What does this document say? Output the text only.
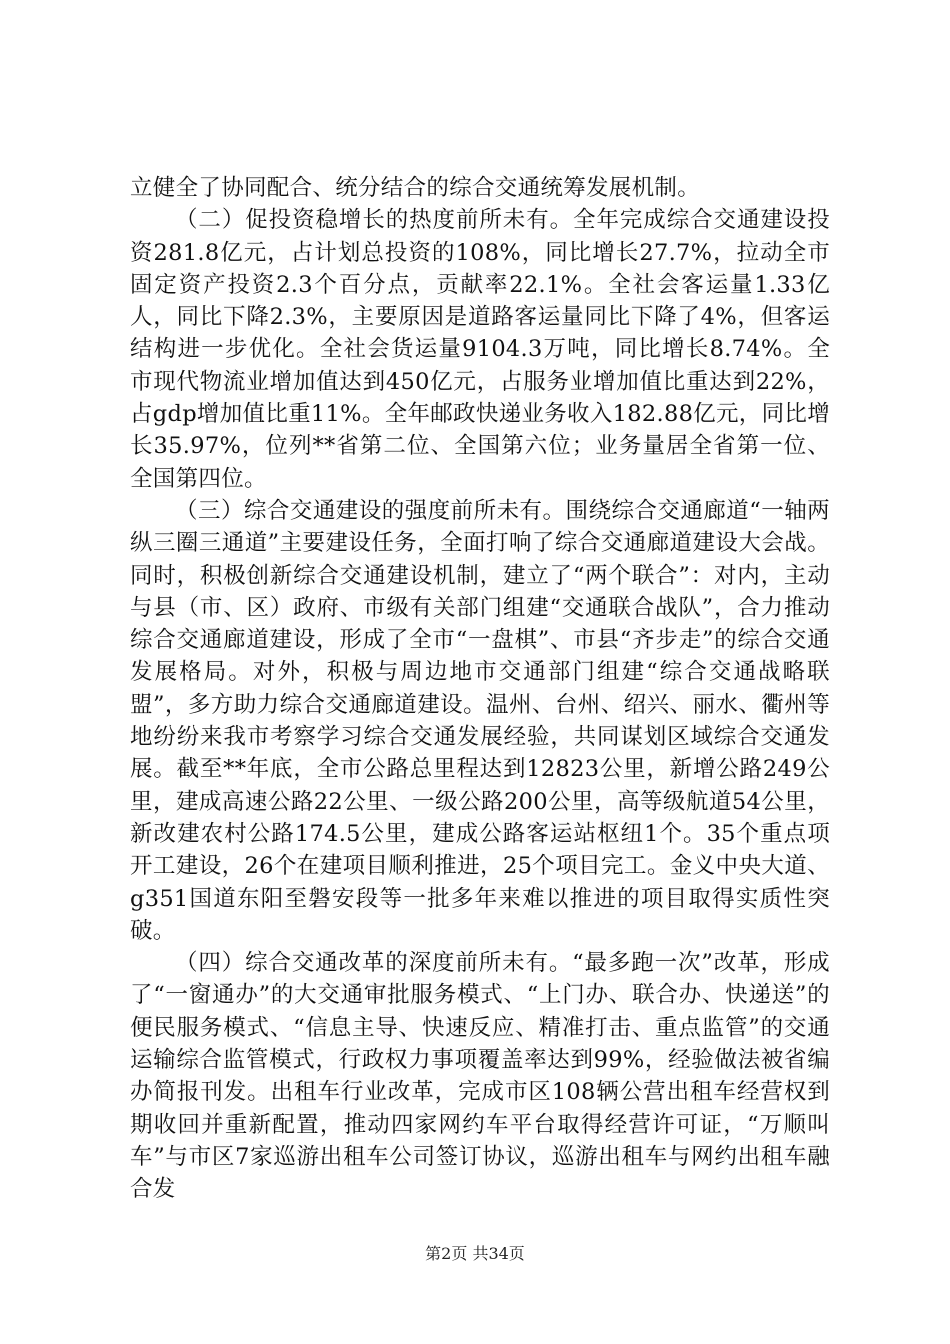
立健全了协同配合、统分结合的综合交通统筹发展机制。

（二）促投资稳增长的热度前所未有。全年完成综合交通建设投资281.8亿元，占计划总投资的108%，同比增长27.7%，拉动全市固定资产投资2.3个百分点，贡献率22.1%。全社会客运量1.33亿人，同比下降2.3%，主要原因是道路客运量同比下降了4%，但客运结构进一步优化。全社会货运量9104.3万吨，同比增长8.74%。全市现代物流业增加值达到450亿元，占服务业增加值比重达到22%，占gdp增加值比重11%。全年邮政快递业务收入182.88亿元，同比增长35.97%，位列**省第二位、全国第六位；业务量居全省第一位、全国第四位。

（三）综合交通建设的强度前所未有。围绕综合交通廊道“一轴两纵三圈三通道”主要建设任务，全面打响了综合交通廊道建设大会战。同时，积极创新综合交通建设机制，建立了“两个联合”：对内，主动与县（市、区）政府、市级有关部门组建“交通联合战队”，合力推动综合交通廊道建设，形成了全市“一盘棋”、市县“齐步走”的综合交通发展格局。对外，积极与周边地市交通部门组建“综合交通战略联盟”，多方助力综合交通廊道建设。温州、台州、绍兴、丽水、衢州等地纷纷来我市考察学习综合交通发展经验，共同谋划区域综合交通发展。截至**年底，全市公路总里程达到12823公里，新增公路249公里，建成高速公路22公里、一级公路200公里，高等级航道54公里，新改建农村公路174.5公里，建成公路客运站枢纽1个。35个重点项开工建设，26个在建项目顺利推进，25个项目完工。金义中央大道、g351国道东阳至磐安段等一批多年来难以推进的项目取得实质性突破。

（四）综合交通改革的深度前所未有。“最多跑一次”改革，形成了“一窗通办”的大交通审批服务模式、“上门办、联合办、快递送”的便民服务模式、“信息主导、快速反应、精准打击、重点监管”的交通运输综合监管模式，行政权力事项覆盖率达到99%，经验做法被省编办简报刊发。出租车行业改革，完成市区108辆公营出租车经营权到期收回并重新配置，推动四家网约车平台取得经营许可证，“万顺叫车”与市区7家巡游出租车公司签订协议，巡游出租车与网约出租车融合发

第2页 共34页
